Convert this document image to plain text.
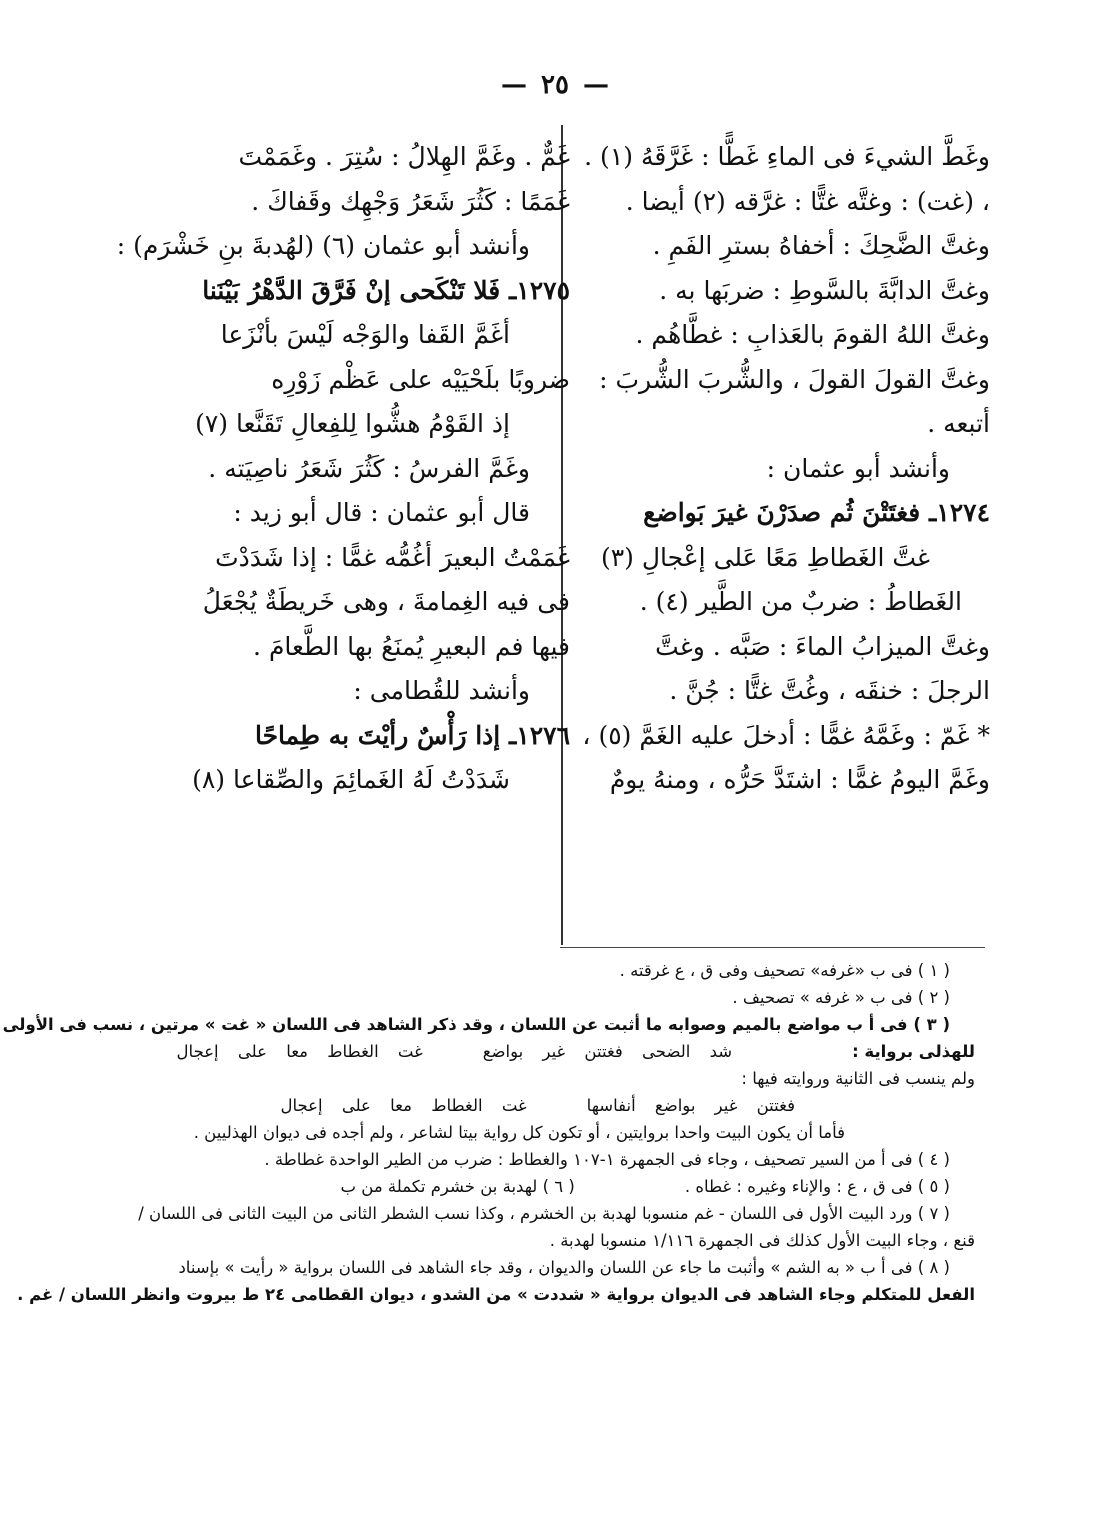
— ٢٥ —
وغَطَّ الشيءَ فى الماءِ غَطًّا : غَرَّقَهُ (١) .
، (غت) : وغتَّه غتًّا : غرَّقه (٢) أيضا .
وغتَّ الضَّحِكَ : أخفاهُ بسترِ الفَمِ .
وغتَّ الدابَّةَ بالسَّوطِ : ضربَها به .
وغتَّ اللهُ القومَ بالعَذابِ : غطَّاهُم .
وغتَّ القولَ القولَ ، والشُّربَ الشُّربَ :
أتبعه .
وأنشد أبو عثمان :
١٢٧٤ـ فغتَتْنَ ثُم صدَرْنَ غيرَ بَواضع
غتَّ الغَطاطِ مَعًا عَلى إعْجالِ (٣)
الغَطاطُ : ضربٌ من الطَّير (٤) .
وغتَّ الميزابُ الماءَ : صَبَّه . وغتَّ
الرجلَ : خنقَه ، وغُتَّ غتًّا : جُنَّ .
* غَمّ : وغَمَّهُ غمًّا : أدخلَ عليه الغَمَّ (٥) ،
وغَمَّ اليومُ غمًّا : اشتَدَّ حَرُّه ، ومنهُ يومٌ
غَمٌّ . وغَمَّ الهِلالُ : سُتِرَ . وغَمَمْتَ
غَمَمًا : كَثُرَ شَعَرُ وَجْهِك وقَفاكَ .
وأنشد أبو عثمان (٦) (لهُدبةَ بنِ خَشْرَم) :
١٢٧٥ـ فَلا تَنْكَحى إنْ فَرَّقَ الدَّهْرُ بَيْنَنا
أغَمَّ القَفا والوَجْه لَيْسَ بأنْزَعا
ضروبًا بلَحْيَيْه على عَظْم زَوْرِه
إذ القَوْمُ هشُّوا لِلفِعالِ تَقَنَّعا (٧)
وغَمَّ الفرسُ : كَثُرَ شَعَرُ ناصِيَته .
قال أبو عثمان : قال أبو زيد :
غَمَمْتُ البعيرَ أغُمُّه غمًّا : إذا شَدَدْتَ
فى فيه الغِمامةَ ، وهى خَريطَةٌ يُجْعَلُ
فيها فم البعيرِ يُمنَعُ بها الطَّعامَ .
وأنشد للقُطامى :
١٢٧٦ـ إذا رَأْسٌ رأيْتَ به طِماحًا
شَدَدْتُ لَهُ الغَمائِمَ والصِّقاعا (٨)
( ١ ) فى ب «غرفه» تصحيف وفى ق ، ع غرقته .
( ٢ ) فى ب « غرفه » تصحيف .
( ٣ ) فى أ ب مواضع بالميم وصوابه ما أثبت عن اللسان ، وقد ذكر الشاهد فى اللسان « غت » مرتين ، نسب فى الأولى
للهذلى برواية :
شد الضحى فغتتن غير بواضع
غت الغطاط معا على إعجال
ولم ينسب فى الثانية وروايته فيها :
فغتتن غير بواضع أنفاسها
غت الغطاط معا على إعجال
فأما أن يكون البيت واحدا بروايتين ، أو تكون كل رواية بيتا لشاعر ، ولم أجده فى ديوان الهذليين .
( ٤ ) فى أ من السير تصحيف ، وجاء فى الجمهرة ١-١٠٧ والغطاط : ضرب من الطير الواحدة غطاطة .
( ٥ ) فى ق ، ع : والإناء وغيره : غطاه .
( ٦ ) لهدبة بن خشرم تكملة من ب
( ٧ ) ورد البيت الأول فى اللسان - غم منسوبا لهدبة بن الخشرم ، وكذا نسب الشطر الثانى من البيت الثانى فى اللسان /
قنع ، وجاء البيت الأول كذلك فى الجمهرة ١/١١٦ منسوبا لهدبة .
( ٨ ) فى أ ب « به الشم » وأثبت ما جاء عن اللسان والديوان ، وقد جاء الشاهد فى اللسان برواية « رأيت » بإسناد
الفعل للمتكلم وجاء الشاهد فى الديوان برواية « شددت » من الشدو ، ديوان القطامى ٢٤ ط بيروت وانظر اللسان / غم .
